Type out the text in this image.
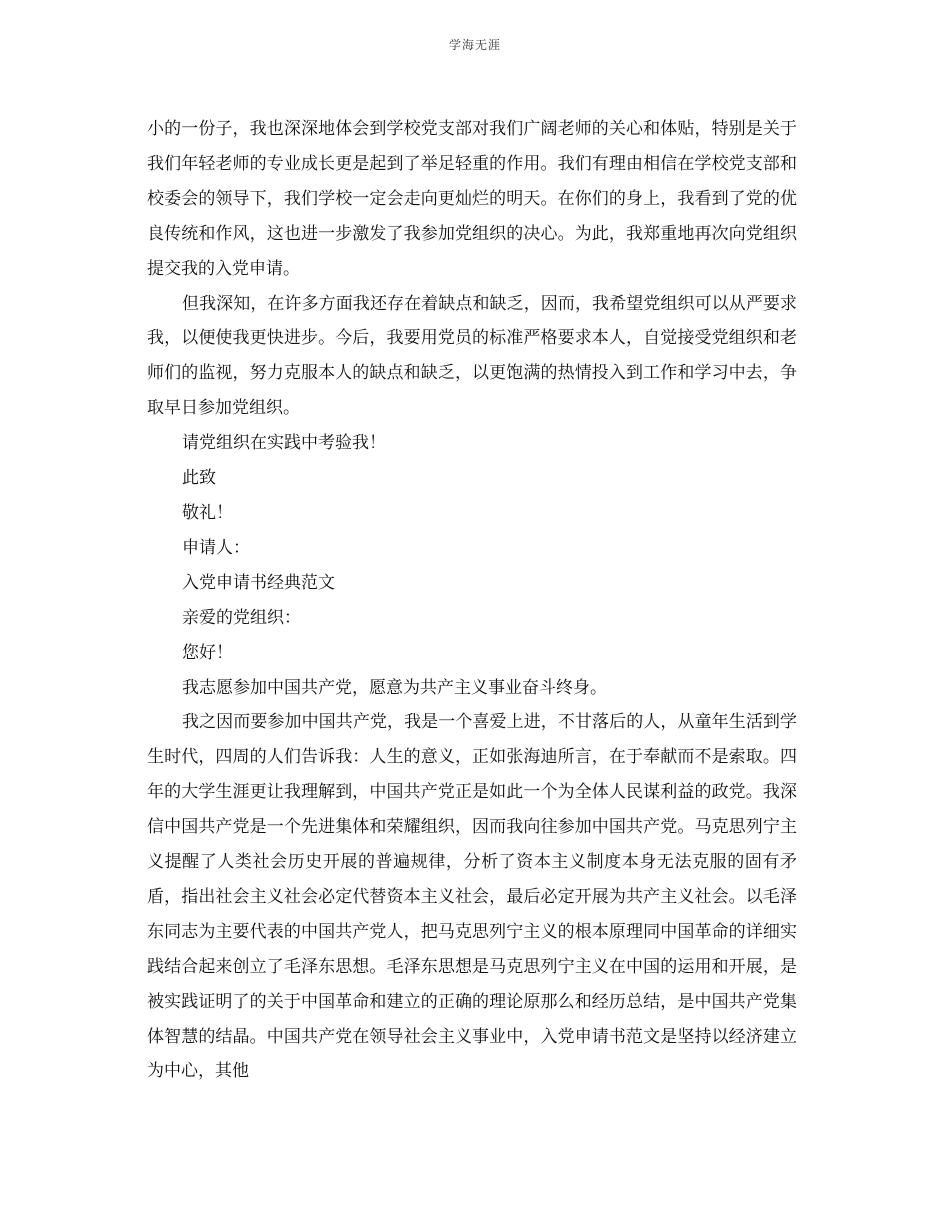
学海无涯

小的一份子，我也深深地体会到学校党支部对我们广阔老师的关心和体贴，特别是关于我们年轻老师的专业成长更是起到了举足轻重的作用。我们有理由相信在学校党支部和校委会的领导下，我们学校一定会走向更灿烂的明天。在你们的身上，我看到了党的优良传统和作风，这也进一步激发了我参加党组织的决心。为此，我郑重地再次向党组织提交我的入党申请。

但我深知，在许多方面我还存在着缺点和缺乏，因而，我希望党组织可以从严要求我，以便使我更快进步。今后，我要用党员的标准严格要求本人，自觉接受党组织和老师们的监视，努力克服本人的缺点和缺乏，以更饱满的热情投入到工作和学习中去，争取早日参加党组织。

请党组织在实践中考验我！

此致

敬礼！

申请人：

入党申请书经典范文

亲爱的党组织：

您好！

我志愿参加中国共产党，愿意为共产主义事业奋斗终身。

我之因而要参加中国共产党，我是一个喜爱上进，不甘落后的人，从童年生活到学生时代，四周的人们告诉我：人生的意义，正如张海迪所言，在于奉献而不是索取。四年的大学生涯更让我理解到，中国共产党正是如此一个为全体人民谋利益的政党。我深信中国共产党是一个先进集体和荣耀组织，因而我向往参加中国共产党。马克思列宁主义提醒了人类社会历史开展的普遍规律，分析了资本主义制度本身无法克服的固有矛盾，指出社会主义社会必定代替资本主义社会，最后必定开展为共产主义社会。以毛泽东同志为主要代表的中国共产党人，把马克思列宁主义的根本原理同中国革命的详细实践结合起来创立了毛泽东思想。毛泽东思想是马克思列宁主义在中国的运用和开展，是被实践证明了的关于中国革命和建立的正确的理论原那么和经历总结，是中国共产党集体智慧的结晶。中国共产党在领导社会主义事业中，入党申请书范文是坚持以经济建立为中心，其他
